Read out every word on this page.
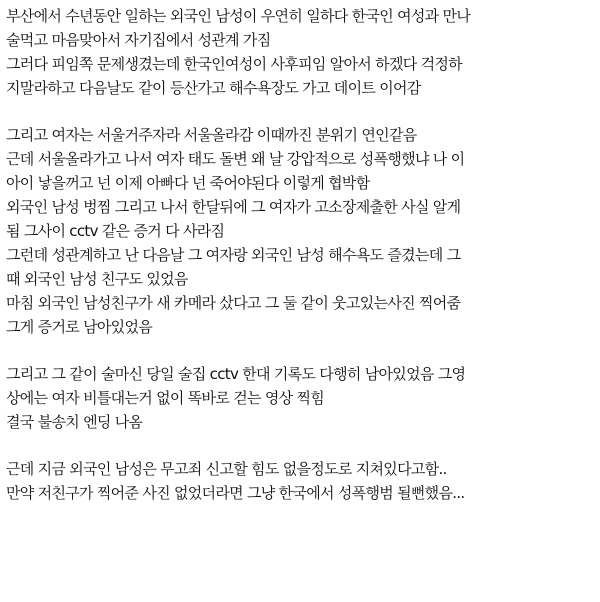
부산에서 수년동안 일하는 외국인 남성이 우연히 일하다 한국인 여성과 만나
술먹고 마음맞아서 자기집에서 성관계 가짐
그러다 피임쪽 문제생겼는데 한국인여성이 사후피임 알아서 하겠다 걱정하
지말라하고 다음날도 같이 등산가고 해수욕장도 가고 데이트 이어감
그리고 여자는 서울거주자라 서울올라감 이때까진 분위기 연인같음
근데 서울올라가고 나서 여자 태도 돌변 왜 날 강압적으로 성폭행했냐 나 이
아이 낳을꺼고 넌 이제 아빠다 넌 죽어야된다 이렇게 협박함
외국인 남성 벙찜 그리고 나서 한달뒤에 그 여자가 고소장제출한 사실 알게
됨 그사이 cctv 같은 증거 다 사라짐
그런데 성관계하고 난 다음날 그 여자랑 외국인 남성 해수욕도 즐겼는데 그
때 외국인 남성 친구도 있었음
마침 외국인 남성친구가 새 카메라 샀다고 그 둘 같이 웃고있는사진 찍어줌
그게 증거로 남아있었음
그리고 그 같이 술마신 당일 술집 cctv 한대 기록도 다행히 남아있었음 그영
상에는 여자 비틀대는거 없이 똑바로 걷는 영상 찍힘
결국 불송치 엔딩 나옴
근데 지금 외국인 남성은 무고죄 신고할 힘도 없을정도로 지쳐있다고함..
만약 저친구가 찍어준 사진 없었더라면 그냥 한국에서 성폭행범 될뻔했음...
